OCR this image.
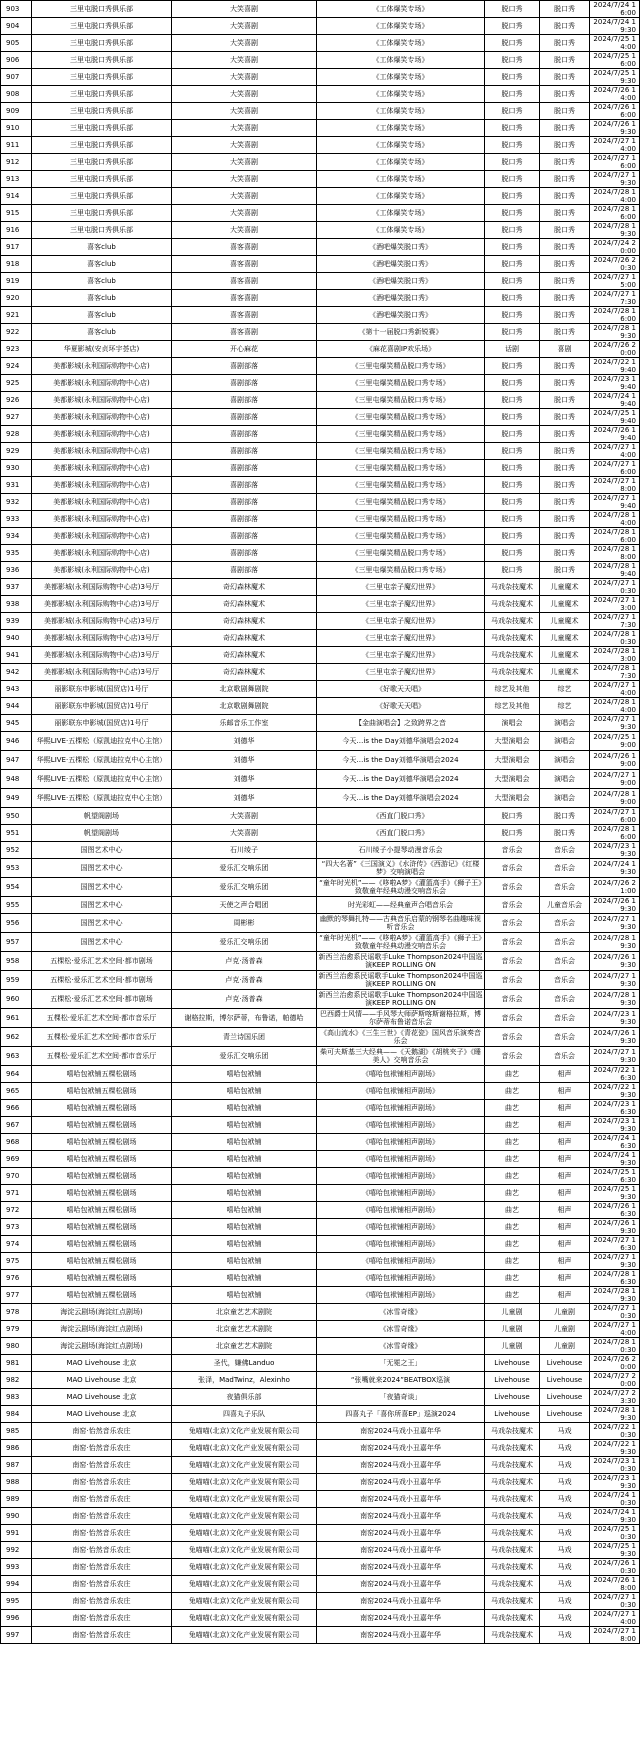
903	三里屯脱口秀俱乐部	大笑喜剧	《工体爆笑专场》	脱口秀	脱口秀	2024/7/24 16:00
904	三里屯脱口秀俱乐部	大笑喜剧	《工体爆笑专场》	脱口秀	脱口秀	2024/7/24 19:30
905	三里屯脱口秀俱乐部	大笑喜剧	《工体爆笑专场》	脱口秀	脱口秀	2024/7/25 14:00
906	三里屯脱口秀俱乐部	大笑喜剧	《工体爆笑专场》	脱口秀	脱口秀	2024/7/25 16:00
907	三里屯脱口秀俱乐部	大笑喜剧	《工体爆笑专场》	脱口秀	脱口秀	2024/7/25 19:30
908	三里屯脱口秀俱乐部	大笑喜剧	《工体爆笑专场》	脱口秀	脱口秀	2024/7/26 14:00
909	三里屯脱口秀俱乐部	大笑喜剧	《工体爆笑专场》	脱口秀	脱口秀	2024/7/26 16:00
910	三里屯脱口秀俱乐部	大笑喜剧	《工体爆笑专场》	脱口秀	脱口秀	2024/7/26 19:30
911	三里屯脱口秀俱乐部	大笑喜剧	《工体爆笑专场》	脱口秀	脱口秀	2024/7/27 14:00
912	三里屯脱口秀俱乐部	大笑喜剧	《工体爆笑专场》	脱口秀	脱口秀	2024/7/27 16:00
913	三里屯脱口秀俱乐部	大笑喜剧	《工体爆笑专场》	脱口秀	脱口秀	2024/7/27 19:30
914	三里屯脱口秀俱乐部	大笑喜剧	《工体爆笑专场》	脱口秀	脱口秀	2024/7/28 14:00
915	三里屯脱口秀俱乐部	大笑喜剧	《工体爆笑专场》	脱口秀	脱口秀	2024/7/28 16:00
916	三里屯脱口秀俱乐部	大笑喜剧	《工体爆笑专场》	脱口秀	脱口秀	2024/7/28 19:30
917	喜客club	喜客喜剧	《酒吧爆笑脱口秀》	脱口秀	脱口秀	2024/7/24 20:00
918	喜客club	喜客喜剧	《酒吧爆笑脱口秀》	脱口秀	脱口秀	2024/7/26 20:30
919	喜客club	喜客喜剧	《酒吧爆笑脱口秀》	脱口秀	脱口秀	2024/7/27 15:00
920	喜客club	喜客喜剧	《酒吧爆笑脱口秀》	脱口秀	脱口秀	2024/7/27 17:30
921	喜客club	喜客喜剧	《酒吧爆笑脱口秀》	脱口秀	脱口秀	2024/7/28 16:00
922	喜客club	喜客喜剧	《第十一届脱口秀新锐赛》	脱口秀	脱口秀	2024/7/28 19:30
923	华夏影城(安贞环宇荟店)	开心麻花	《麻花喜剧IP欢乐场》	话剧	喜剧	2024/7/26 20:00
924	美都影城(永利国际购物中心店)	喜剧部落	《三里屯爆笑精品脱口秀专场》	脱口秀	脱口秀	2024/7/22 19:40
925	美都影城(永利国际购物中心店)	喜剧部落	《三里屯爆笑精品脱口秀专场》	脱口秀	脱口秀	2024/7/23 19:40
926	美都影城(永利国际购物中心店)	喜剧部落	《三里屯爆笑精品脱口秀专场》	脱口秀	脱口秀	2024/7/24 19:40
927	美都影城(永利国际购物中心店)	喜剧部落	《三里屯爆笑精品脱口秀专场》	脱口秀	脱口秀	2024/7/25 19:40
928	美都影城(永利国际购物中心店)	喜剧部落	《三里屯爆笑精品脱口秀专场》	脱口秀	脱口秀	2024/7/26 19:40
929	美都影城(永利国际购物中心店)	喜剧部落	《三里屯爆笑精品脱口秀专场》	脱口秀	脱口秀	2024/7/27 14:00
930	美都影城(永利国际购物中心店)	喜剧部落	《三里屯爆笑精品脱口秀专场》	脱口秀	脱口秀	2024/7/27 16:00
931	美都影城(永利国际购物中心店)	喜剧部落	《三里屯爆笑精品脱口秀专场》	脱口秀	脱口秀	2024/7/27 18:00
932	美都影城(永利国际购物中心店)	喜剧部落	《三里屯爆笑精品脱口秀专场》	脱口秀	脱口秀	2024/7/27 19:40
933	美都影城(永利国际购物中心店)	喜剧部落	《三里屯爆笑精品脱口秀专场》	脱口秀	脱口秀	2024/7/28 14:00
934	美都影城(永利国际购物中心店)	喜剧部落	《三里屯爆笑精品脱口秀专场》	脱口秀	脱口秀	2024/7/28 16:00
935	美都影城(永利国际购物中心店)	喜剧部落	《三里屯爆笑精品脱口秀专场》	脱口秀	脱口秀	2024/7/28 18:00
936	美都影城(永利国际购物中心店)	喜剧部落	《三里屯爆笑精品脱口秀专场》	脱口秀	脱口秀	2024/7/28 19:40
937	美都影城(永利国际购物中心店)3号厅	奇幻森林魔术	《三里屯亲子魔幻世界》	马戏杂技魔术	儿童魔术	2024/7/27 10:30
938	美都影城(永利国际购物中心店)3号厅	奇幻森林魔术	《三里屯亲子魔幻世界》	马戏杂技魔术	儿童魔术	2024/7/27 13:00
939	美都影城(永利国际购物中心店)3号厅	奇幻森林魔术	《三里屯亲子魔幻世界》	马戏杂技魔术	儿童魔术	2024/7/27 17:30
940	美都影城(永利国际购物中心店)3号厅	奇幻森林魔术	《三里屯亲子魔幻世界》	马戏杂技魔术	儿童魔术	2024/7/28 10:30
941	美都影城(永利国际购物中心店)3号厅	奇幻森林魔术	《三里屯亲子魔幻世界》	马戏杂技魔术	儿童魔术	2024/7/28 13:00
942	美都影城(永利国际购物中心店)3号厅	奇幻森林魔术	《三里屯亲子魔幻世界》	马戏杂技魔术	儿童魔术	2024/7/28 17:30
943	丽影联东申影城(国贸店)1号厅	北京歌剧舞剧院	《好歌天天唱》	综艺及其他	综艺	2024/7/27 14:00
944	丽影联东申影城(国贸店)1号厅	北京歌剧舞剧院	《好歌天天唱》	综艺及其他	综艺	2024/7/28 14:00
945	丽影联东申影城(国贸店)1号厅	乐邮音乐工作室	【金曲演唱会】之致跨界之音	演唱会	演唱会	2024/7/27 19:30
946	华熙LIVE·五棵松（原凯迪拉克中心主馆）	刘德华	今天…is the Day刘德华演唱会2024	大型演唱会	演唱会	2024/7/25 19:00
947	华熙LIVE·五棵松（原凯迪拉克中心主馆）	刘德华	今天…is the Day刘德华演唱会2024	大型演唱会	演唱会	2024/7/26 19:00
948	华熙LIVE·五棵松（原凯迪拉克中心主馆）	刘德华	今天…is the Day刘德华演唱会2024	大型演唱会	演唱会	2024/7/27 19:00
949	华熙LIVE·五棵松（原凯迪拉克中心主馆）	刘德华	今天…is the Day刘德华演唱会2024	大型演唱会	演唱会	2024/7/28 19:00
950	帆望阁剧场	大笑喜剧	《西直门脱口秀》	脱口秀	脱口秀	2024/7/27 16:00
951	帆望阁剧场	大笑喜剧	《西直门脱口秀》	脱口秀	脱口秀	2024/7/28 16:00
952	国图艺术中心	石川绫子	石川绫子小提琴动漫音乐会	音乐会	音乐会	2024/7/23 19:30
953	国图艺术中心	爱乐汇交响乐团	“四大名著”《三国演义》《水浒传》《西游记》《红楼梦》交响演唱会	音乐会	音乐会	2024/7/24 19:30
954	国图艺术中心	爱乐汇交响乐团	“童年时光机”——《哆啦A梦》《灌篮高手》《狮子王》致敬童年经典动漫交响音乐会	音乐会	音乐会	2024/7/26 21:00
955	国图艺术中心	天使之声合唱团	时光彩虹——经典童声合唱音乐会	音乐会	儿童音乐会	2024/7/26 19:30
956	国图艺术中心	周彬彬	幽默的琴舞扎特——古典音乐启蒙的钢琴名曲趣味视听音乐会	音乐会	音乐会	2024/7/27 19:30
957	国图艺术中心	爱乐汇交响乐团	“童年时光机”——《哆啦A梦》《灌篮高手》《狮子王》致敬童年经典动漫交响音乐会	音乐会	音乐会	2024/7/28 19:30
958	五棵松·爱乐汇艺术空间·都市剧场	卢克·汤普森	新西兰治愈系民谣歌手Luke Thompson2024中国巡演KEEP ROLLING ON	音乐会	音乐会	2024/7/26 19:30
959	五棵松·爱乐汇艺术空间·都市剧场	卢克·汤普森	新西兰治愈系民谣歌手Luke Thompson2024中国巡演KEEP ROLLING ON	音乐会	音乐会	2024/7/27 19:30
960	五棵松·爱乐汇艺术空间·都市剧场	卢克·汤普森	新西兰治愈系民谣歌手Luke Thompson2024中国巡演KEEP ROLLING ON	音乐会	音乐会	2024/7/28 19:30
961	五棵松·爱乐汇艺术空间·都市音乐厅	谢格拉斯，博尔萨蒂，布鲁诺，帕德哈	巴西爵士风情——手风琴大师萨斯喀斯谢格拉斯，博尔萨蒂布鲁诺音乐会	音乐会	音乐会	2024/7/23 19:30
962	五棵松·爱乐汇艺术空间·都市音乐厅	青兰诗国乐团	《高山流水》《三生三世》《青花瓷》国风音乐演奏音乐会	音乐会	音乐会	2024/7/26 19:30
963	五棵松·爱乐汇艺术空间·都市音乐厅	爱乐汇交响乐团	柴可夫斯基三大经典——《天鹅湖》《胡桃夹子》《睡美人》交响音乐会	音乐会	音乐会	2024/7/27 19:30
964	嘻哈包袱铺五棵松剧场	嘻哈包袱铺	《嘻哈包袱铺相声剧场》	曲艺	相声	2024/7/22 16:30
965	嘻哈包袱铺五棵松剧场	嘻哈包袱铺	《嘻哈包袱铺相声剧场》	曲艺	相声	2024/7/22 19:30
966	嘻哈包袱铺五棵松剧场	嘻哈包袱铺	《嘻哈包袱铺相声剧场》	曲艺	相声	2024/7/23 16:30
967	嘻哈包袱铺五棵松剧场	嘻哈包袱铺	《嘻哈包袱铺相声剧场》	曲艺	相声	2024/7/23 19:30
968	嘻哈包袱铺五棵松剧场	嘻哈包袱铺	《嘻哈包袱铺相声剧场》	曲艺	相声	2024/7/24 16:30
969	嘻哈包袱铺五棵松剧场	嘻哈包袱铺	《嘻哈包袱铺相声剧场》	曲艺	相声	2024/7/24 19:30
970	嘻哈包袱铺五棵松剧场	嘻哈包袱铺	《嘻哈包袱铺相声剧场》	曲艺	相声	2024/7/25 16:30
971	嘻哈包袱铺五棵松剧场	嘻哈包袱铺	《嘻哈包袱铺相声剧场》	曲艺	相声	2024/7/25 19:30
972	嘻哈包袱铺五棵松剧场	嘻哈包袱铺	《嘻哈包袱铺相声剧场》	曲艺	相声	2024/7/26 16:30
973	嘻哈包袱铺五棵松剧场	嘻哈包袱铺	《嘻哈包袱铺相声剧场》	曲艺	相声	2024/7/26 19:30
974	嘻哈包袱铺五棵松剧场	嘻哈包袱铺	《嘻哈包袱铺相声剧场》	曲艺	相声	2024/7/27 16:30
975	嘻哈包袱铺五棵松剧场	嘻哈包袱铺	《嘻哈包袱铺相声剧场》	曲艺	相声	2024/7/27 19:30
976	嘻哈包袱铺五棵松剧场	嘻哈包袱铺	《嘻哈包袱铺相声剧场》	曲艺	相声	2024/7/28 16:30
977	嘻哈包袱铺五棵松剧场	嘻哈包袱铺	《嘻哈包袱铺相声剧场》	曲艺	相声	2024/7/28 19:30
978	海淀云剧场(海淀红点剧场)	北京童艺艺术剧院	《冰雪奇缘》	儿童剧	儿童剧	2024/7/27 10:30
979	海淀云剧场(海淀红点剧场)	北京童艺艺术剧院	《冰雪奇缘》	儿童剧	儿童剧	2024/7/27 14:00
980	海淀云剧场(海淀红点剧场)	北京童艺艺术剧院	《冰雪奇缘》	儿童剧	儿童剧	2024/7/28 10:30
981	MAO Livehouse 北京	圣代，嫌佛Landuo	「无冕之王」	Livehouse	Livehouse	2024/7/26 20:00
982	MAO Livehouse 北京	张泽，MadTwinz，Alexinho	“张嘴就来2024”BEATBOX巡演	Livehouse	Livehouse	2024/7/27 20:00
983	MAO Livehouse 北京	夜猫俱乐部	「夜猫奇谈」	Livehouse	Livehouse	2024/7/27 23:30
984	MAO Livehouse 北京	四喜丸子乐队	四喜丸子「喜你所喜EP」巡演2024	Livehouse	Livehouse	2024/7/28 19:30
985	南窑·怡然音乐农庄	兔喵喵(北京)文化产业发展有限公司	南窑2024马戏小丑嘉年华	马戏杂技魔术	马戏	2024/7/22 10:30
986	南窑·怡然音乐农庄	兔喵喵(北京)文化产业发展有限公司	南窑2024马戏小丑嘉年华	马戏杂技魔术	马戏	2024/7/22 19:30
987	南窑·怡然音乐农庄	兔喵喵(北京)文化产业发展有限公司	南窑2024马戏小丑嘉年华	马戏杂技魔术	马戏	2024/7/23 10:30
988	南窑·怡然音乐农庄	兔喵喵(北京)文化产业发展有限公司	南窑2024马戏小丑嘉年华	马戏杂技魔术	马戏	2024/7/23 19:30
989	南窑·怡然音乐农庄	兔喵喵(北京)文化产业发展有限公司	南窑2024马戏小丑嘉年华	马戏杂技魔术	马戏	2024/7/24 10:30
990	南窑·怡然音乐农庄	兔喵喵(北京)文化产业发展有限公司	南窑2024马戏小丑嘉年华	马戏杂技魔术	马戏	2024/7/24 19:30
991	南窑·怡然音乐农庄	兔喵喵(北京)文化产业发展有限公司	南窑2024马戏小丑嘉年华	马戏杂技魔术	马戏	2024/7/25 10:30
992	南窑·怡然音乐农庄	兔喵喵(北京)文化产业发展有限公司	南窑2024马戏小丑嘉年华	马戏杂技魔术	马戏	2024/7/25 19:30
993	南窑·怡然音乐农庄	兔喵喵(北京)文化产业发展有限公司	南窑2024马戏小丑嘉年华	马戏杂技魔术	马戏	2024/7/26 10:30
994	南窑·怡然音乐农庄	兔喵喵(北京)文化产业发展有限公司	南窑2024马戏小丑嘉年华	马戏杂技魔术	马戏	2024/7/26 18:00
995	南窑·怡然音乐农庄	兔喵喵(北京)文化产业发展有限公司	南窑2024马戏小丑嘉年华	马戏杂技魔术	马戏	2024/7/27 10:30
996	南窑·怡然音乐农庄	兔喵喵(北京)文化产业发展有限公司	南窑2024马戏小丑嘉年华	马戏杂技魔术	马戏	2024/7/27 14:00
997	南窑·怡然音乐农庄	兔喵喵(北京)文化产业发展有限公司	南窑2024马戏小丑嘉年华	马戏杂技魔术	马戏	2024/7/27 18:00
